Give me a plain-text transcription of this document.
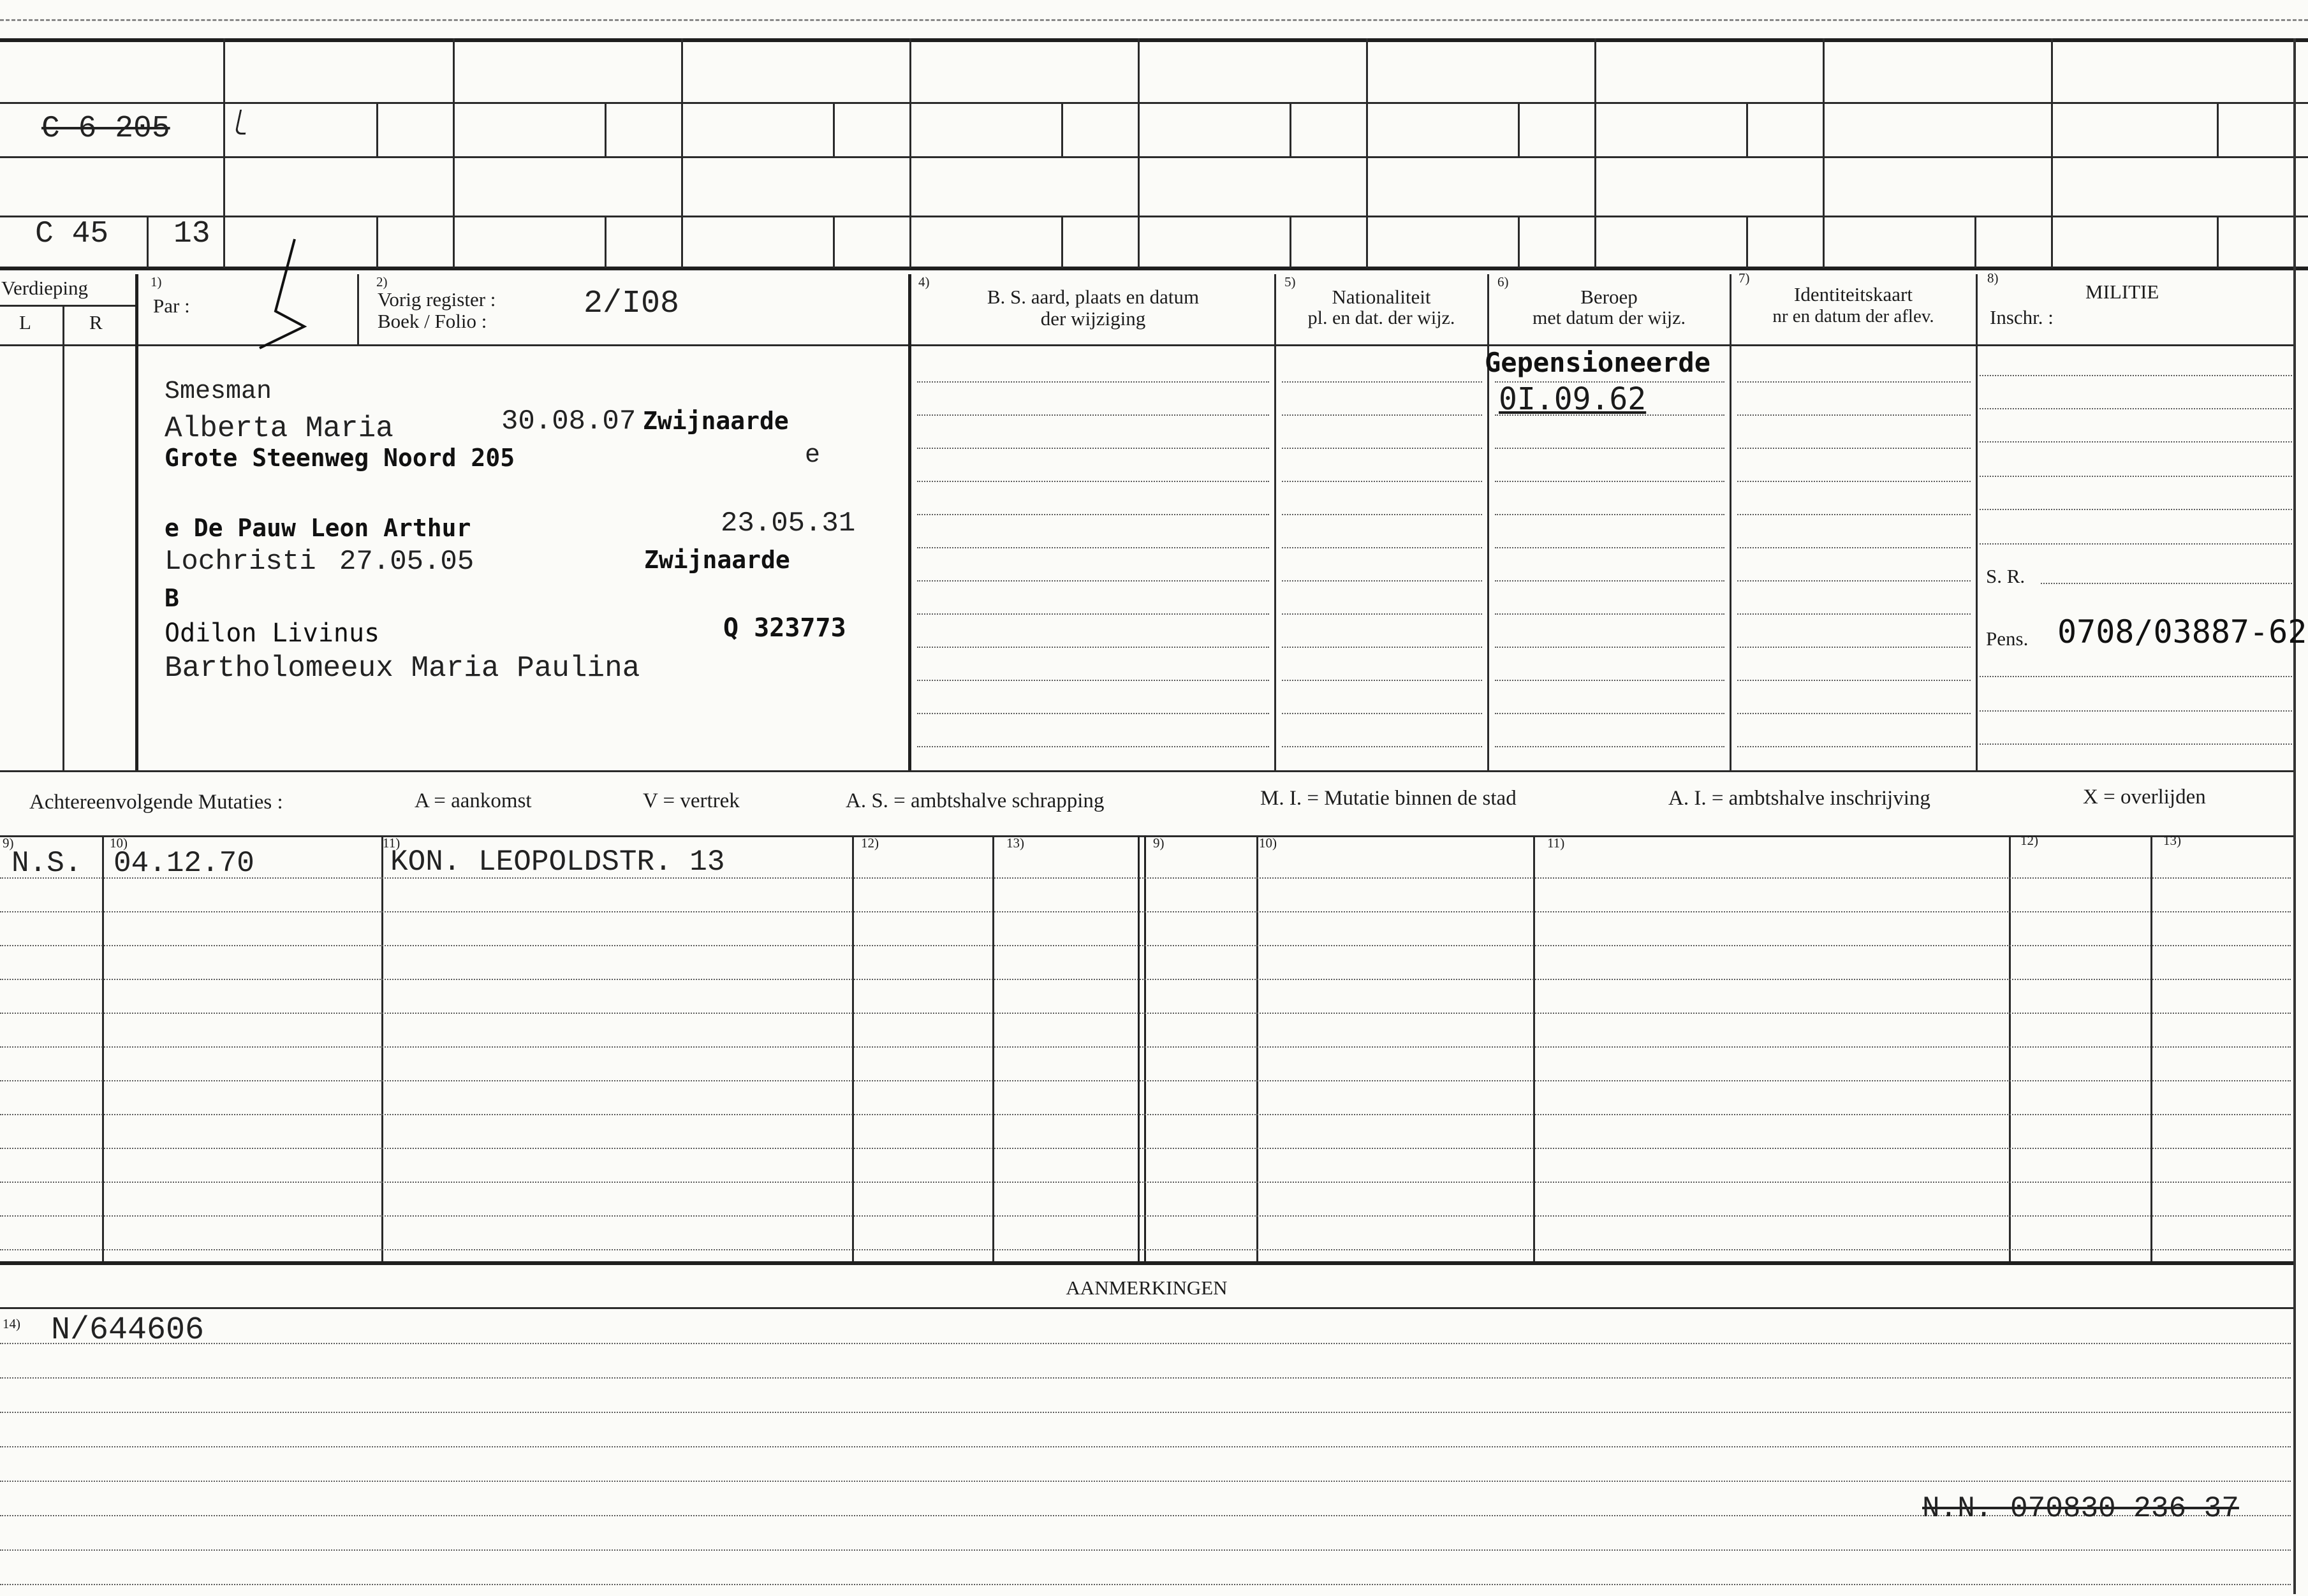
C 6 205
C 45 13
Verdieping
L	R
1)
Par :
2)
Vorig register :
Boek / Folio :	2/I08
4)
B. S. aard, plaats en datum
der wijziging
5)
Nationaliteit
pl. en dat. der wijz.
6)
Beroep
met datum der wijz.
7)
Identiteitskaart
nr en datum der aflev.
8)
MILITIE
Inschr. :
S. R.
Pens. 0708/03887-62
Smesman
Alberta Maria	30.08.07 Zwijnaarde
Grote Steenweg Noord 205	e
e De Pauw Leon Arthur	23.05.31
Lochristi 27.05.05	Zwijnaarde
B
Odilon Livinus	Q 323773
Bartholomeeux Maria Paulina
Gepensioneerde
0I.09.62
Achtereenvolgende Mutaties :	A = aankomst	V = vertrek	A. S. = ambtshalve schrapping	M. I. = Mutatie binnen de stad	A. I. = ambtshalve inschrijving	X = overlijden
9)	10)	11)	12)	13)	9)	10)	11)	12)	13)
N.S. 04.12.70	KON. LEOPOLDSTR. 13
AANMERKINGEN
14) N/644606
N.N. 070830 236 37
